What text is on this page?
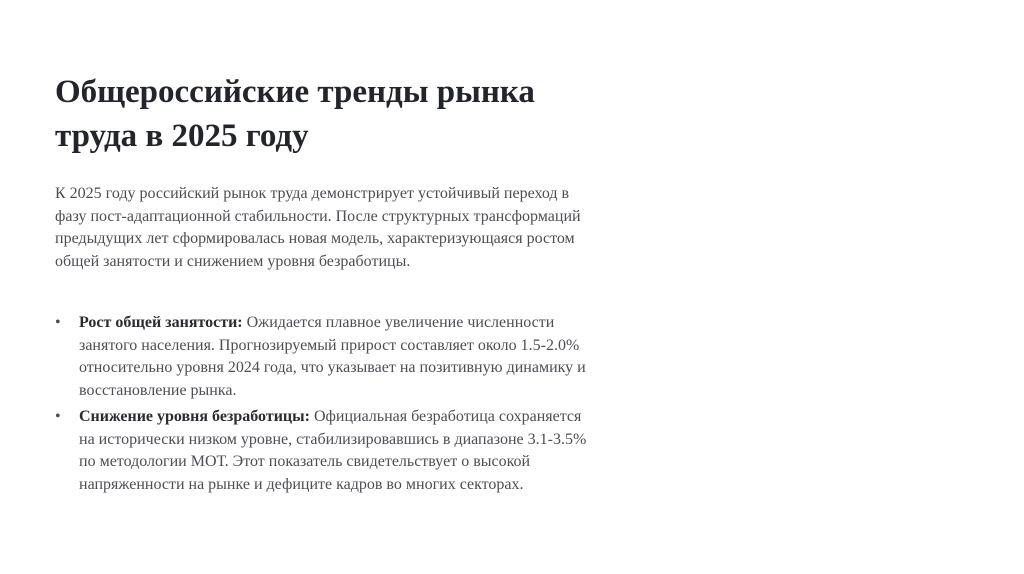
Общероссийские тренды рынка труда в 2025 году

К 2025 году российский рынок труда демонстрирует устойчивый переход в фазу пост-адаптационной стабильности. После структурных трансформаций предыдущих лет сформировалась новая модель, характеризующаяся ростом общей занятости и снижением уровня безработицы.

• Рост общей занятости: Ожидается плавное увеличение численности занятого населения. Прогнозируемый прирост составляет около 1.5-2.0% относительно уровня 2024 года, что указывает на позитивную динамику и восстановление рынка.
• Снижение уровня безработицы: Официальная безработица сохраняется на исторически низком уровне, стабилизировавшись в диапазоне 3.1-3.5% по методологии МОТ. Этот показатель свидетельствует о высокой напряженности на рынке и дефиците кадров во многих секторах.
